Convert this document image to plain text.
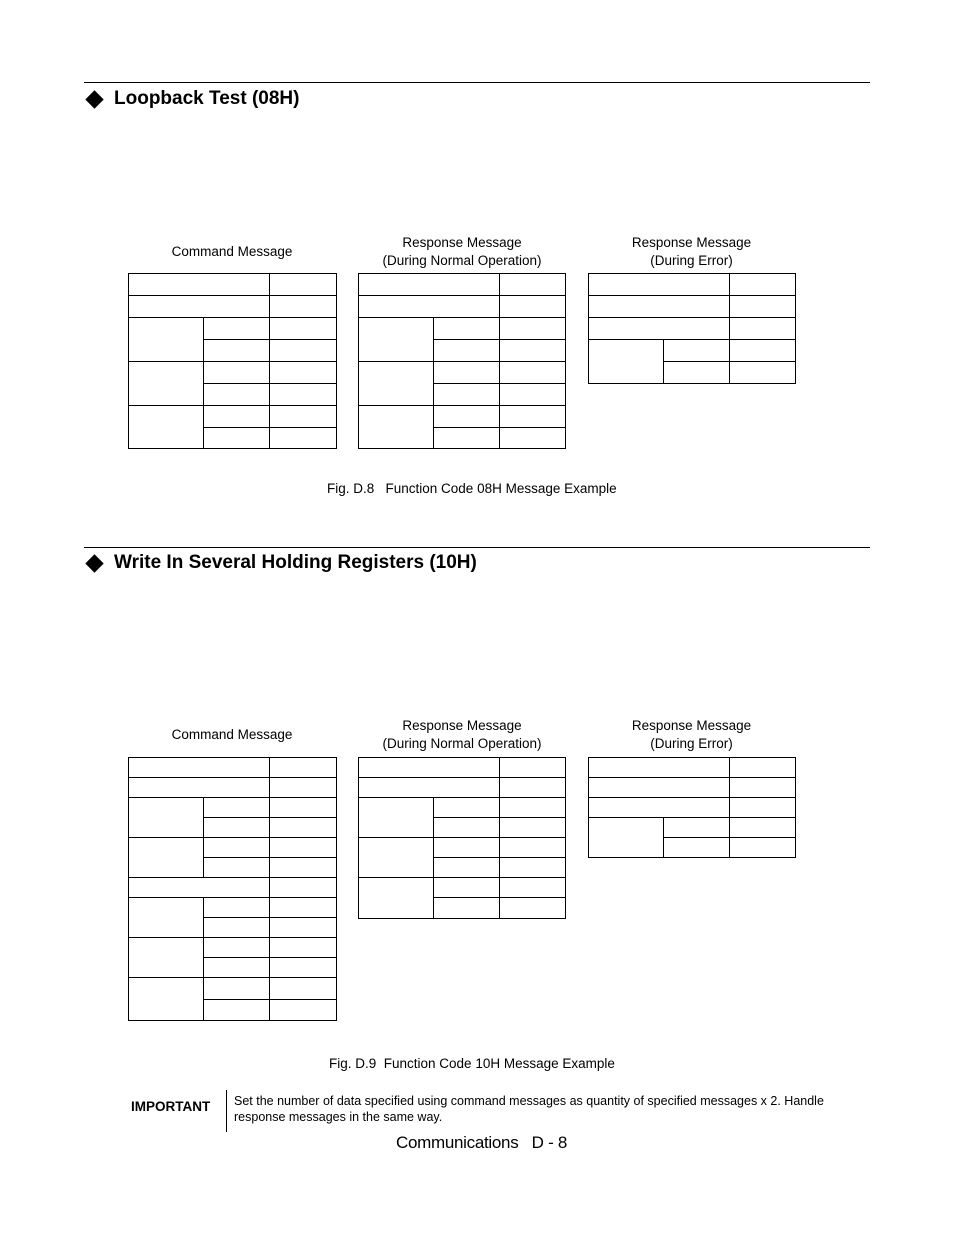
Loopback Test (08H)
Command Message
Response Message
(During Normal Operation)
Response Message
(During Error)
Fig. D.8   Function Code 08H Message Example
Write In Several Holding Registers (10H)
Command Message
Response Message
(During Normal Operation)
Response Message
(During Error)
Fig. D.9  Function Code 10H Message Example
IMPORTANT Set the number of data specified using command messages as quantity of specified messages x 2. Handle response messages in the same way.
Communications   D - 8
